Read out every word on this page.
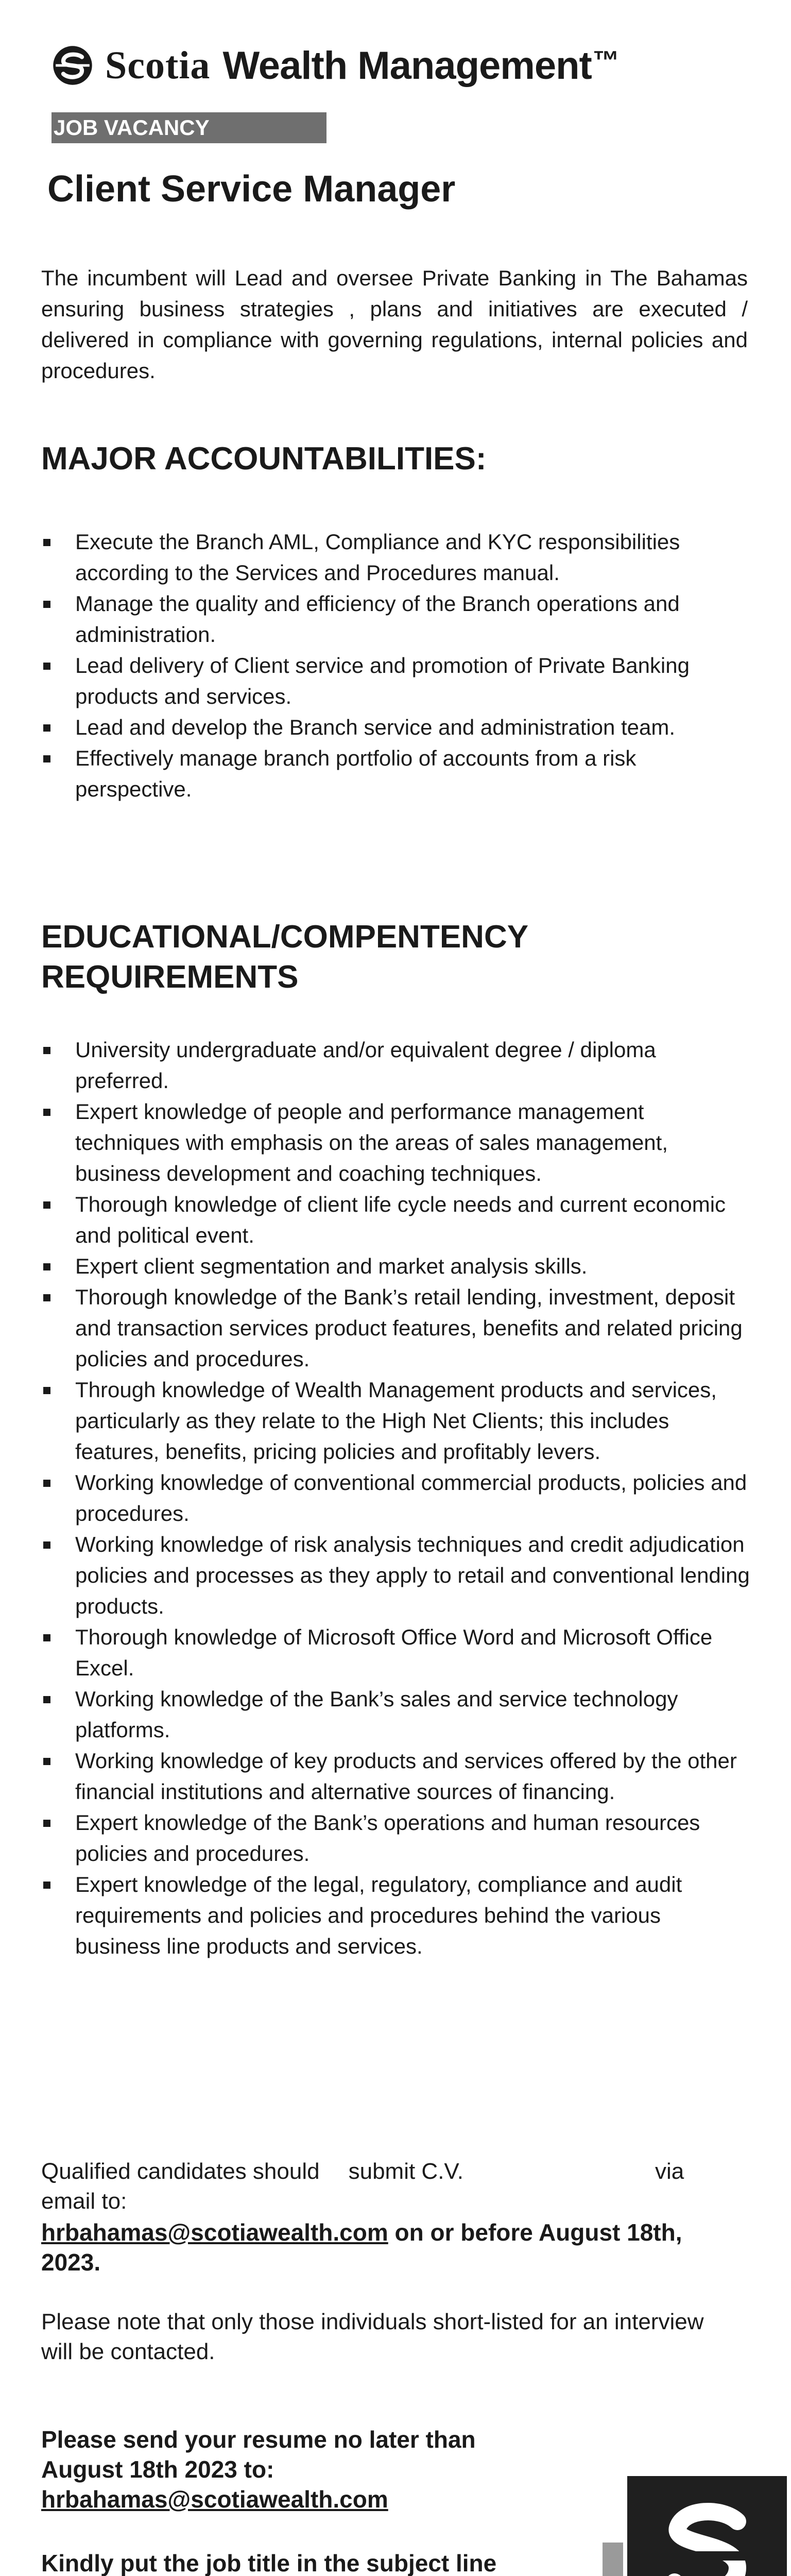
Scotia Wealth Management™
JOB VACANCY
Client Service Manager

The incumbent will Lead and oversee Private Banking in The Bahamas ensuring business strategies , plans and initiatives are executed / delivered in compliance with governing regulations, internal policies and procedures.

MAJOR ACCOUNTABILITIES:
Execute the Branch AML, Compliance and KYC responsibilities according to the Services and Procedures manual.
Manage the quality and efficiency of the Branch operations and administration.
Lead delivery of Client service and promotion of Private Banking products and services.
Lead and develop the Branch service and administration team.
Effectively manage branch portfolio of accounts from a risk perspective.
EDUCATIONAL/COMPENTENCY
REQUIREMENTS
University undergraduate and/or equivalent degree / diploma preferred.
Expert knowledge of people and performance management techniques with emphasis on the areas of sales management, business development and coaching techniques.
Thorough knowledge of client life cycle needs and current economic and political event.
Expert client segmentation and market analysis skills.
Thorough knowledge of the Bank’s retail lending, investment, deposit and transaction services product features, benefits and related pricing policies and procedures.
Through knowledge of Wealth Management products and services, particularly as they relate to the High Net Clients; this includes features, benefits, pricing policies and profitably levers.
Working knowledge of conventional commercial products, policies and procedures.
Working knowledge of risk analysis techniques and credit adjudication policies and processes as they apply to retail and conventional lending products.
Thorough knowledge of Microsoft Office Word and Microsoft Office Excel.
Working knowledge of the Bank’s sales and service technology platforms.
Working knowledge of key products and services offered by the other financial institutions and alternative sources of financing.
Expert knowledge of the Bank’s operations and human resources policies and procedures.
Expert knowledge of the legal, regulatory, compliance and audit requirements and policies and procedures behind the various business line products and services.
Qualified candidates should submit C.V.	via

email to:
hrbahamas@scotiawealth.com on or before August 18th, 2023.
Please note that only those individuals short-listed for an interview will be contacted.
Please send your resume no later than
August 18th 2023 to:
hrbahamas@scotiawealth.com
Kindly put the job title in the subject line
